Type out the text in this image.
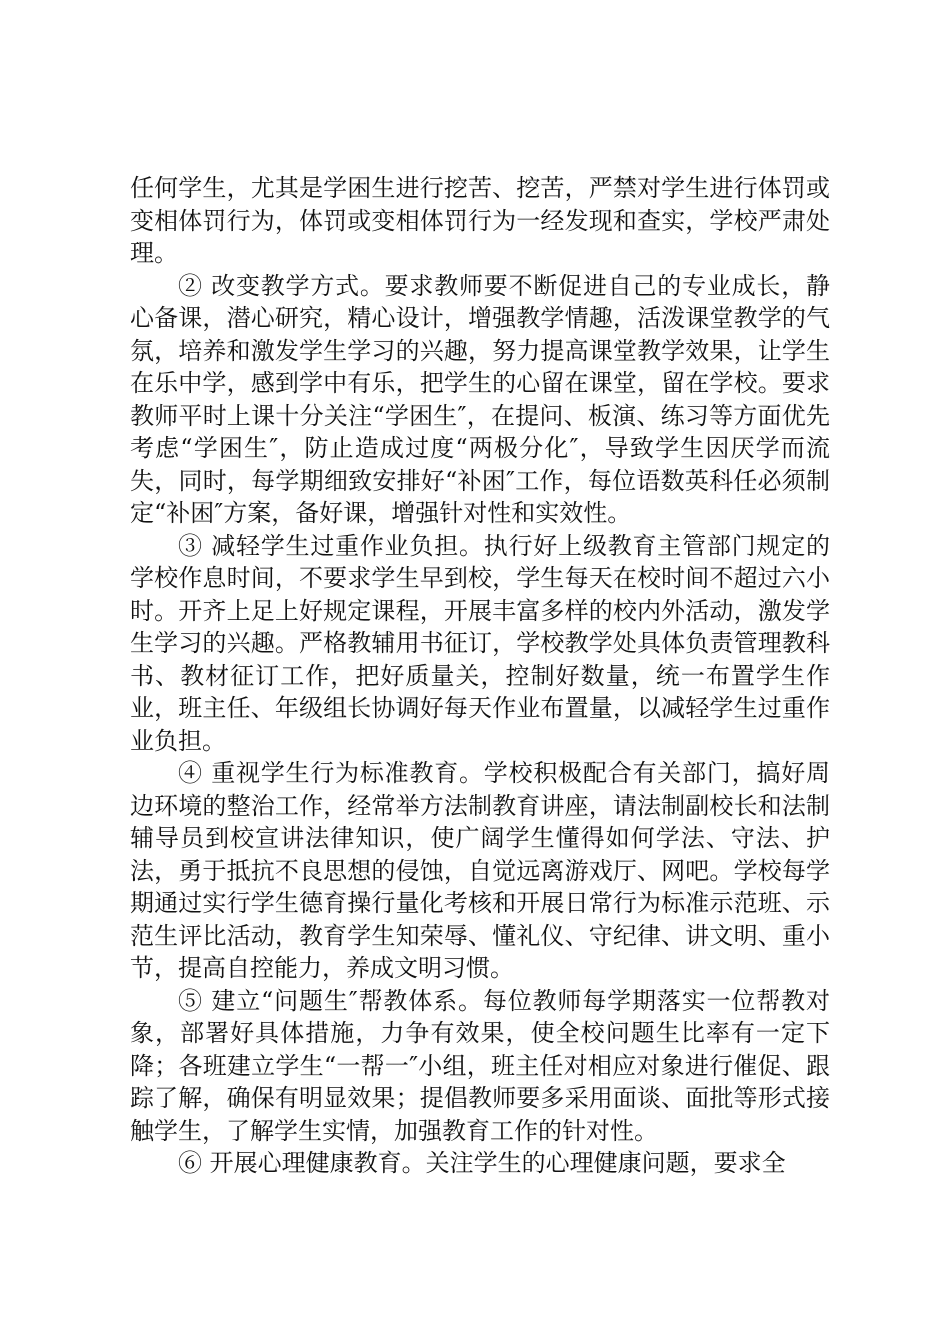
任何学生，尤其是学困生进行挖苦、挖苦，严禁对学生进行体罚或变相体罚行为，体罚或变相体罚行为一经发现和查实，学校严肃处理。

② 改变教学方式。要求教师要不断促进自己的专业成长，静心备课，潜心研究，精心设计，增强教学情趣，活泼课堂教学的气氛，培养和激发学生学习的兴趣，努力提高课堂教学效果，让学生在乐中学，感到学中有乐，把学生的心留在课堂，留在学校。要求教师平时上课十分关注“学困生″，在提问、板演、练习等方面优先考虑“学困生″，防止造成过度“两极分化″，导致学生因厌学而流失，同时，每学期细致安排好“补困″工作，每位语数英科任必须制定“补困″方案，备好课，增强针对性和实效性。

③ 减轻学生过重作业负担。执行好上级教育主管部门规定的学校作息时间，不要求学生早到校，学生每天在校时间不超过六小时。开齐上足上好规定课程，开展丰富多样的校内外活动，激发学生学习的兴趣。严格教辅用书征订，学校教学处具体负责管理教科书、教材征订工作，把好质量关，控制好数量，统一布置学生作业，班主任、年级组长协调好每天作业布置量，以减轻学生过重作业负担。

④ 重视学生行为标准教育。学校积极配合有关部门，搞好周边环境的整治工作，经常举方法制教育讲座，请法制副校长和法制辅导员到校宣讲法律知识，使广阔学生懂得如何学法、守法、护法，勇于抵抗不良思想的侵蚀，自觉远离游戏厅、网吧。学校每学期通过实行学生德育操行量化考核和开展日常行为标准示范班、示范生评比活动，教育学生知荣辱、懂礼仪、守纪律、讲文明、重小节，提高自控能力，养成文明习惯。

⑤ 建立“问题生″帮教体系。每位教师每学期落实一位帮教对象，部署好具体措施，力争有效果，使全校问题生比率有一定下降；各班建立学生“一帮一″小组，班主任对相应对象进行催促、跟踪了解，确保有明显效果；提倡教师要多采用面谈、面批等形式接触学生，了解学生实情，加强教育工作的针对性。

⑥ 开展心理健康教育。关注学生的心理健康问题，要求全
